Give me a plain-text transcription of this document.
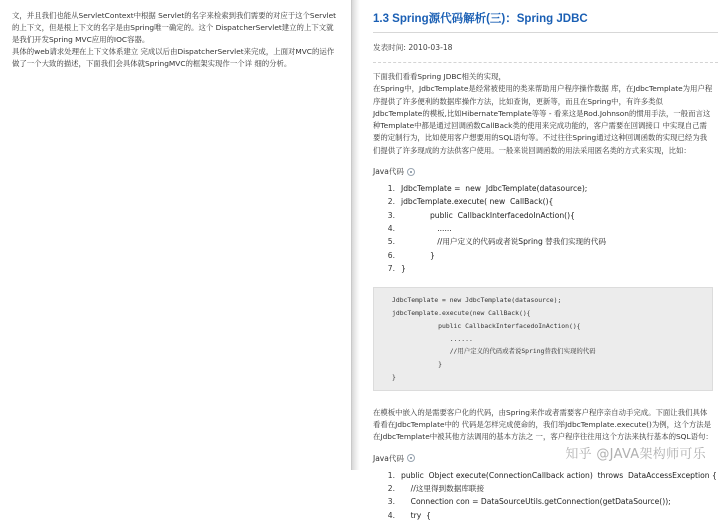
文，并且我们也能从ServletContext中根据 Servlet的名字来检索到我们需要的对应于这个Servlet的上下文，但是根上下文的名字是由Spring唯一确定的。这个 DispatcherServlet建立的上下文就是我们开发Spring MVC应用的IOC容器。

具体的web请求处理在上下文体系建立 完成以后由DispatcherServlet来完成，上面对MVC的运作做了一个大致的描述，下面我们会具体就SpringMVC的框架实现作一个详 细的分析。

1.3 Spring源代码解析(三)：Spring JDBC
发表时间: 2010-03-18
下面我们看看Spring JDBC相关的实现，
在Spring中，JdbcTemplate是经常被使用的类来帮助用户程序操作数据 库，在JdbcTemplate为用户程序提供了许多便利的数据库操作方法，比如查询，更新等，而且在Spring中，有许多类似 JdbcTemplate的模板,比如HibernateTemplate等等 - 看来这是Rod.Johnson的惯用手法，一般而言这种Template中都是通过回调函数CallBack类的使用来完成功能的，客户需要在回调接口 中实现自己需要的定制行为，比如使用客户想要用的SQL语句等。不过往往Spring通过这种回调函数的实现已经为我们提供了许多现成的方法供客户使用。一般来说回调函数的用法采用匿名类的方式来实现，比如：
Java代码
1. JdbcTemplate =  new  JdbcTemplate(datasource);
2. jdbcTemplate.execute( new  CallBack(){
3. public  CallbackInterfacedoInAction(){
4. ......
5. //用户定义的代码或者说Spring 替我们实现的代码
6. }
7. }
JdbcTemplate = new JdbcTemplate(datasource);
jdbcTemplate.execute(new CallBack(){
public CallbackInterfacedoInAction(){
......
//用户定义的代码或者说Spring替我们实现的代码
}
}
在模板中嵌入的是需要客户化的代码，由Spring来作或者需要客户程序亲自动手完成。下面让我们具体看看在JdbcTemplate中的 代码是怎样完成使命的，我们举JdbcTemplate.execute()为例，这个方法是在JdbcTemplate中被其他方法调用的基本方法之 一，客户程序往往用这个方法来执行基本的SQL语句：
Java代码
1. public  Object execute(ConnectionCallback action)  throws  DataAccessException {
2. //这里得到数据库联接
3. Connection con = DataSourceUtils.getConnection(getDataSource());
4. try  {
知乎 @JAVA架构师可乐
